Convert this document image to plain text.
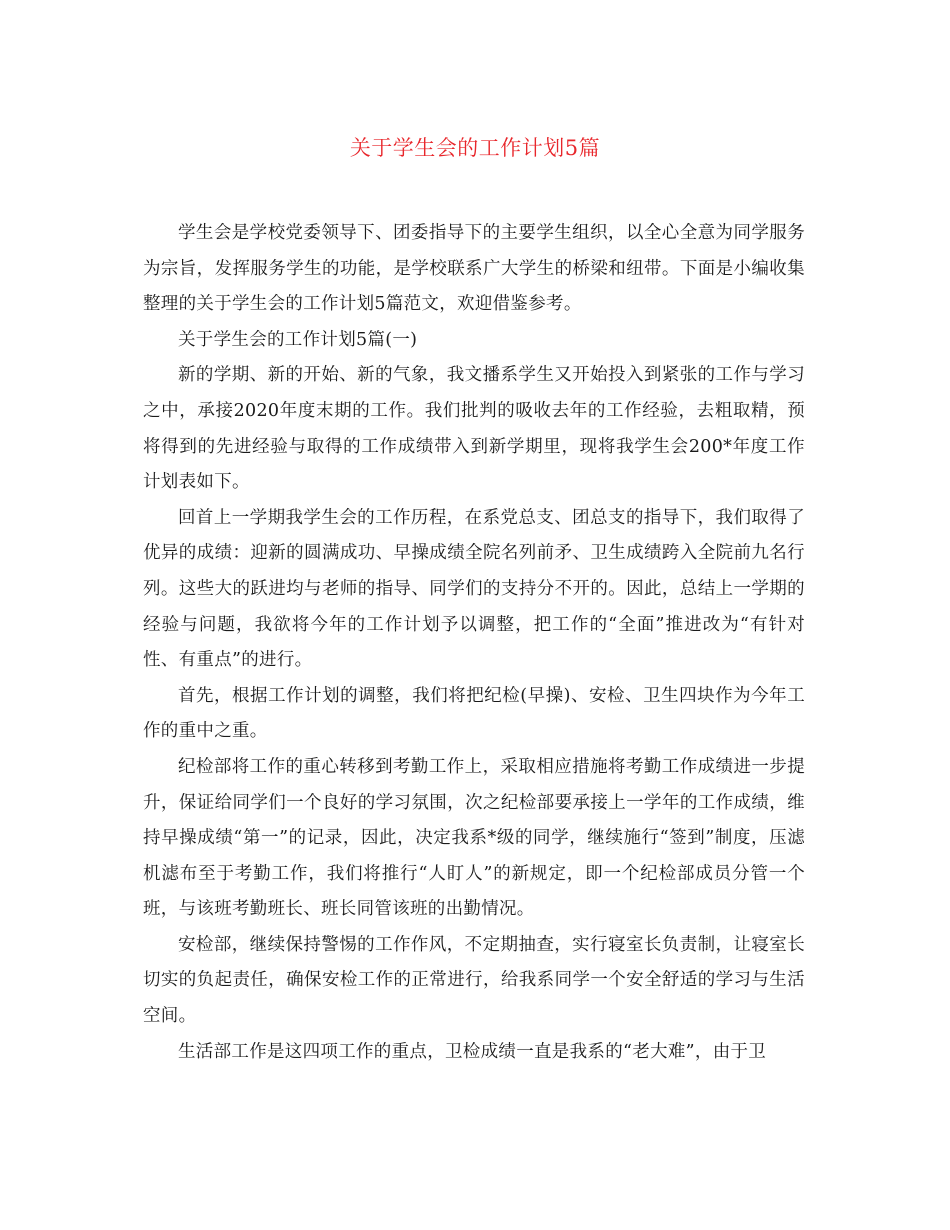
关于学生会的工作计划5篇

学生会是学校党委领导下、团委指导下的主要学生组织，以全心全意为同学服务为宗旨，发挥服务学生的功能，是学校联系广大学生的桥梁和纽带。下面是小编收集整理的关于学生会的工作计划5篇范文，欢迎借鉴参考。

关于学生会的工作计划5篇(一)

新的学期、新的开始、新的气象，我文播系学生又开始投入到紧张的工作与学习之中，承接2020年度末期的工作。我们批判的吸收去年的工作经验，去粗取精，预将得到的先进经验与取得的工作成绩带入到新学期里，现将我学生会200*年度工作计划表如下。

回首上一学期我学生会的工作历程，在系党总支、团总支的指导下，我们取得了优异的成绩：迎新的圆满成功、早操成绩全院名列前矛、卫生成绩跨入全院前九名行列。这些大的跃进均与老师的指导、同学们的支持分不开的。因此，总结上一学期的经验与问题，我欲将今年的工作计划予以调整，把工作的“全面”推进改为“有针对性、有重点”的进行。

首先，根据工作计划的调整，我们将把纪检(早操)、安检、卫生四块作为今年工作的重中之重。

纪检部将工作的重心转移到考勤工作上，采取相应措施将考勤工作成绩进一步提升，保证给同学们一个良好的学习氛围，次之纪检部要承接上一学年的工作成绩，维持早操成绩“第一”的记录，因此，决定我系*级的同学，继续施行“签到”制度，压滤机滤布至于考勤工作，我们将推行“人盯人”的新规定，即一个纪检部成员分管一个班，与该班考勤班长、班长同管该班的出勤情况。

安检部，继续保持警惕的工作作风，不定期抽查，实行寝室长负责制，让寝室长切实的负起责任，确保安检工作的正常进行，给我系同学一个安全舒适的学习与生活空间。

生活部工作是这四项工作的重点，卫检成绩一直是我系的“老大难”，由于卫
